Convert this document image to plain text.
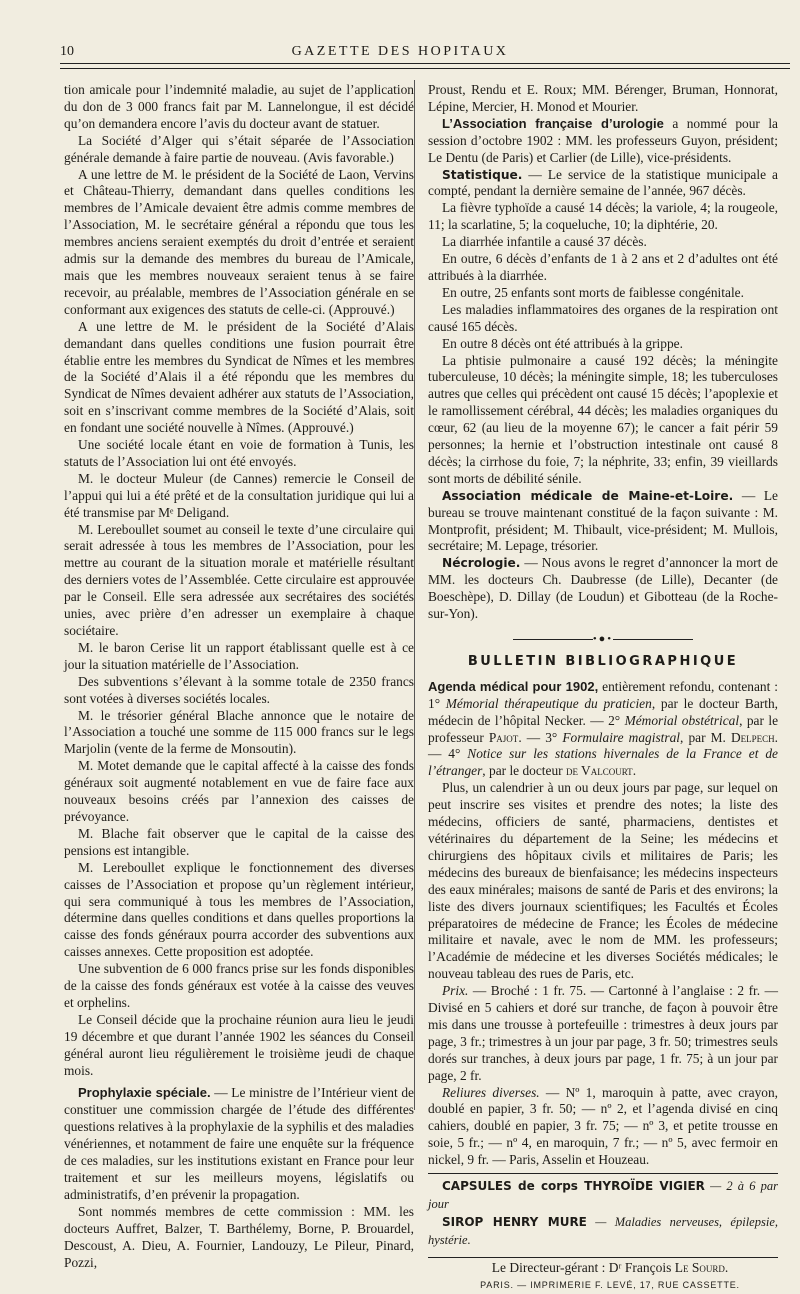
10	GAZETTE DES HOPITAUX

tion amicale pour l’indemnité maladie, au sujet de l’application du don de 3 000 francs fait par M. Lannelongue, il est décidé qu’on demandera encore l’avis du docteur avant de statuer.

La Société d’Alger qui s’était séparée de l’Association générale demande à faire partie de nouveau. (Avis favorable.)

A une lettre de M. le président de la Société de Laon, Vervins et Château-Thierry, demandant dans quelles conditions les membres de l’Amicale devaient être admis comme membres de l’Association, M. le secrétaire général a répondu que tous les membres anciens seraient exemptés du droit d’entrée et seraient admis sur la demande des membres du bureau de l’Amicale, mais que les membres nouveaux seraient tenus à se faire recevoir, au préalable, membres de l’Association générale en se conformant aux exigences des statuts de celle-ci. (Approuvé.)

A une lettre de M. le président de la Société d’Alais demandant dans quelles conditions une fusion pourrait être établie entre les membres du Syndicat de Nîmes et les membres de la Société d’Alais il a été répondu que les membres du Syndicat de Nîmes devaient adhérer aux statuts de l’Association, soit en s’inscrivant comme membres de la Société d’Alais, soit en fondant une société nouvelle à Nîmes. (Approuvé.)

Une société locale étant en voie de formation à Tunis, les statuts de l’Association lui ont été envoyés.

M. le docteur Muleur (de Cannes) remercie le Conseil de l’appui qui lui a été prêté et de la consultation juridique qui lui a été transmise par Mᵉ Deligand.

M. Lereboullet soumet au conseil le texte d’une circulaire qui serait adressée à tous les membres de l’Association, pour les mettre au courant de la situation morale et matérielle résultant des derniers votes de l’Assemblée. Cette circulaire est approuvée par le Conseil. Elle sera adressée aux secrétaires des sociétés unies, avec prière d’en adresser un exemplaire à chaque sociétaire.

M. le baron Cerise lit un rapport établissant quelle est à ce jour la situation matérielle de l’Association.

Des subventions s’élevant à la somme totale de 2350 francs sont votées à diverses sociétés locales.

M. le trésorier général Blache annonce que le notaire de l’Association a touché une somme de 115 000 francs sur le legs Marjolin (vente de la ferme de Monsoutin).

M. Motet demande que le capital affecté à la caisse des fonds généraux soit augmenté notablement en vue de faire face aux nouveaux besoins créés par l’annexion des caisses de prévoyance.

M. Blache fait observer que le capital de la caisse des pensions est intangible.

M. Lereboullet explique le fonctionnement des diverses caisses de l’Association et propose qu’un règlement intérieur, qui sera communiqué à tous les membres de l’Association, détermine dans quelles conditions et dans quelles proportions la caisse des fonds généraux pourra accorder des subventions aux caisses annexes. Cette proposition est adoptée.

Une subvention de 6 000 francs prise sur les fonds disponibles de la caisse des fonds généraux est votée à la caisse des veuves et orphelins.

Le Conseil décide que la prochaine réunion aura lieu le jeudi 19 décembre et que durant l’année 1902 les séances du Conseil général auront lieu régulièrement le troisième jeudi de chaque mois.

Prophylaxie spéciale. — Le ministre de l’Intérieur vient de constituer une commission chargée de l’étude des différentes questions relatives à la prophylaxie de la syphilis et des maladies vénériennes, et notamment de faire une enquête sur la fréquence de ces maladies, sur les institutions existant en France pour leur traitement et sur les meilleurs moyens, législatifs ou administratifs, d’en prévenir la propagation.

Sont nommés membres de cette commission : MM. les docteurs Auffret, Balzer, T. Barthélemy, Borne, P. Brouardel, Descoust, A. Dieu, A. Fournier, Landouzy, Le Pileur, Pinard, Pozzi,

Proust, Rendu et E. Roux; MM. Bérenger, Bruman, Honnorat, Lépine, Mercier, H. Monod et Mourier.

L’Association française d’urologie a nommé pour la session d’octobre 1902 : MM. les professeurs Guyon, président; Le Dentu (de Paris) et Carlier (de Lille), vice-présidents.

Statistique. — Le service de la statistique municipale a compté, pendant la dernière semaine de l’année, 967 décès.

La fièvre typhoïde a causé 14 décès; la variole, 4; la rougeole, 11; la scarlatine, 5; la coqueluche, 10; la diphtérie, 20.

La diarrhée infantile a causé 37 décès.

En outre, 6 décès d’enfants de 1 à 2 ans et 2 d’adultes ont été attribués à la diarrhée.

En outre, 25 enfants sont morts de faiblesse congénitale.

Les maladies inflammatoires des organes de la respiration ont causé 165 décès.

En outre 8 décès ont été attribués à la grippe.

La phtisie pulmonaire a causé 192 décès; la méningite tuberculeuse, 10 décès; la méningite simple, 18; les tuberculoses autres que celles qui précèdent ont causé 15 décès; l’apoplexie et le ramollissement cérébral, 44 décès; les maladies organiques du cœur, 62 (au lieu de la moyenne 67); le cancer a fait périr 59 personnes; la hernie et l’obstruction intestinale ont causé 8 décès; la cirrhose du foie, 7; la néphrite, 33; enfin, 39 vieillards sont morts de débilité sénile.

Association médicale de Maine-et-Loire. — Le bureau se trouve maintenant constitué de la façon suivante : M. Montprofit, président; M. Thibault, vice-président; M. Mullois, secrétaire; M. Lepage, trésorier.

Nécrologie. — Nous avons le regret d’annoncer la mort de MM. les docteurs Ch. Daubresse (de Lille), Decanter (de Boeschèpe), D. Dillay (de Loudun) et Gibotteau (de la Roche-sur-Yon).

•●•
BULLETIN BIBLIOGRAPHIQUE

Agenda médical pour 1902, entièrement refondu, contenant : 1° Mémorial thérapeutique du praticien, par le docteur Barth, médecin de l’hôpital Necker. — 2° Mémorial obstétrical, par le professeur Pajot. — 3° Formulaire magistral, par M. Delpech. — 4° Notice sur les stations hivernales de la France et de l’étranger, par le docteur de Valcourt.

Plus, un calendrier à un ou deux jours par page, sur lequel on peut inscrire ses visites et prendre des notes; la liste des médecins, officiers de santé, pharmaciens, dentistes et vétérinaires du département de la Seine; les médecins et chirurgiens des hôpitaux civils et militaires de Paris; les médecins des bureaux de bienfaisance; les médecins inspecteurs des eaux minérales; maisons de santé de Paris et des environs; la liste des divers journaux scientifiques; les Facultés et Écoles préparatoires de médecine de France; les Écoles de médecine militaire et navale, avec le nom de MM. les professeurs; l’Académie de médecine et les diverses Sociétés médicales; le nouveau tableau des rues de Paris, etc.

Prix. — Broché : 1 fr. 75. — Cartonné à l’anglaise : 2 fr. — Divisé en 5 cahiers et doré sur tranche, de façon à pouvoir être mis dans une trousse à portefeuille : trimestres à deux jours par page, 3 fr.; trimestres à un jour par page, 3 fr. 50; trimestres seuls dorés sur tranches, à deux jours par page, 1 fr. 75; à un jour par page, 2 fr.

Reliures diverses. — Nº 1, maroquin à patte, avec crayon, doublé en papier, 3 fr. 50; — nº 2, et l’agenda divisé en cinq cahiers, doublé en papier, 3 fr. 75; — nº 3, et petite trousse en soie, 5 fr.; — nº 4, en maroquin, 7 fr.; — nº 5, avec fermoir en nickel, 9 fr. — Paris, Asselin et Houzeau.

CAPSULES de corps THYROÏDE VIGIER — 2 à 6 par jour

SIROP HENRY MURE — Maladies nerveuses, épilepsie, hystérie.

Le Directeur-gérant : Dʳ François Le Sourd.

PARIS. — IMPRIMERIE F. LEVÉ, 17, RUE CASSETTE.
